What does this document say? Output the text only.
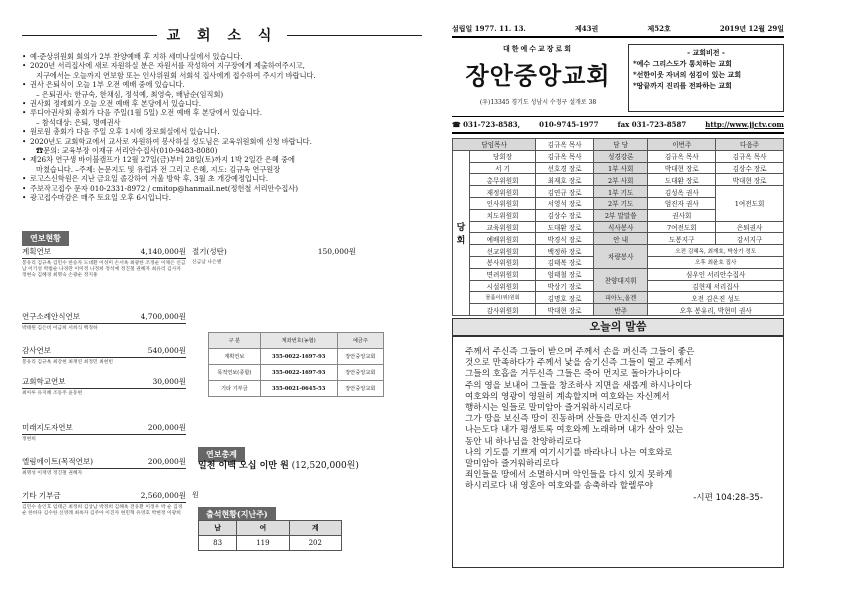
교 회 소 식
• 예·준상위원회 회의가 2부 찬양예배 후 지하 세미나실에서 있습니다.
• 2020년 서리집사에 새로 자원하실 분은 자원서를 작성하여 지구장에게 제출하여주시고,
지구에서는 오늘까지 연보함 또는 인사위원회 서회석 집사에게 접수하여 주시기 바랍니다.
• 권사 은퇴식이 오늘 1부 오전 예배 중에 있습니다.
– 은퇴권사: 한규숙, 한채심, 정석예, 최영숙, 배남순(임직회)
• 권사회 정례회가 오늘 오전 예배 후 본당에서 있습니다.
• 루디아권사회 총회가 다음 주일(1월 5일) 오전 예배 후 본당에서 있습니다.
– 참석대상: 은퇴, 명예권사
• 원로원 총회가 다음 주일 오후 1시에 장로회실에서 있습니다.
• 2020년도 교회학교에서 교사로 자원하여 봉사하실 성도님은 교육위원회에 신청 바랍니다.
☎문의: 교육부장 이재규 서리안수집사(010-9483-8080)
• 제26차 연구생 바이블캠프가 12월 27일(금)부터 28일(토)까지 1박 2일간 은혜 중에
마쳤습니다. –주제: 논문지도 및 유럽과 전 그리고 은혜, 지도: 김규옥 연구원장
• 로고스신학원은 지난 금요일 졸강하여 겨울 방학 후, 3월 초 개강예정입니다.
• 주보작고접수 문자 010-2331-8972 / cmitop@hanmail.net(정헌철 서리안수집사)
• 광고접수마감은 매주 토요일 오후 6시입니다.
연보현황
계획연보	4,140,000원
봉유리 김규옥 김민수 한승자 도대환 이성미 손서옥 최광한 조정순 이채은 신금남 이기성 박범순 나경란 이미정 나정희 정석예 정진철 권혜자 최유리 김사자 정현숙 김혜경 최명숙 손광순 정지홍
절기(성탄)	150,000원
신금남 나은별
연구소례안식연보	4,700,000원
박태원 김은비 이금희 서희식 백정하
감사연보	540,000원
봉유리 김규옥 최강현 최재연 최정민 최현빈
교회학교연보	30,000원
최아루 유지혜 조동주 윤동현
미래지도자연보	200,000원
정현희
엘림에이트(목적연보)	200,000원
최명성 이재영 정진철 권혜자
기타 기부금	2,560,000원
김민수 송인호 임태근 최정희 김상남 박정희 김혜옥 전유환 이정우 박 순 김경순 한바다 김수한 신영례 최옥자 김주아 이진자 현민혁 유영호 박현정 이광희
원
구 분	계좌번호(농협)	예금주
계획연보	355-0022-1697-93	장안중앙교회
목적연보(종합)	355-0022-1697-93	장안중앙교회
기타 기부금	355-0021-0645-53	장안중앙교회
연보총계
일천 이백 오십 이만 원 (12,520,000원)
출석현황(지난주)
남	여	계
83	119	202
설립일 1977. 11. 13.	제43권	제52호	2019년 12월 29일
대한예수교장로회
장안중앙교회
(우)13345 경기도 성남시 수정구 설개로 38
- 교회비전 -
*예수 그리스도가 통치하는 교회
*선한이웃 자녀의 섬김이 있는 교회
*땅끝까지 진리를 전파하는 교회
☎ 031-723-8583,	010-9745-1977	fax 031-723-8587	http://www.jjctv.com
담임목사		김규옥 목사	담 당	이번주	다음주
당 회	당회장	김규옥 목사	성경강론	김규옥 목사	김규옥 목사
	서 기	선호경 장로	1부 사회	박대현 장로	김상수 장로
	총무위원회	최재호 장로	2부 사회	도대환 장로	박대현 장로
	재정위원회	김연규 장로	1부 기도	김성옥 권사	1여전도회
	인사위원회	서영석 장로	2부 기도	엄진자 권사	
	치도위원회	김상수 장로	2부 말말씀	권사회	
	교육위원회	도대환 장로	식사봉사	7여전도회	은퇴권사
	예배위원회	박경식 장로	안 내	도봉지구	강서지구
	선교위원회	백정하 장로	차량봉사	오전 김혜옥, 최재호, 박상기 정도	
	봉사위원회	김태복 장로		오후 최윤호 집사	
	면려위원회	엄태철 장로	찬양대지휘	심우인 서리안수집사	
	시설위원회	박상기 장로		김현재 서리집사	
	물품이(위)원회	김명호 장로	피아노,올겐	오전 김은진 성도	
	감사위원회	박대현 장로	반주	오후 봉유리, 박현미 권사	
오늘의 말씀
주께서 주신즉 그들이 받으며 주께서 손을 펴신즉 그들이 좋은
것으로 만족하다가 주께서 낯을 숨기신즉 그들이 떨고 주께서
그들의 호흡을 거두신즉 그들은 죽어 먼지로 돌아가나이다
주의 영을 보내어 그들을 창조하사 지면을 새롭게 하시나이다
여호와의 영광이 영원히 계속할지며 여호와는 자신께서
행하시는 일들로 말미암아 즐거워하시리로다
그가 땅을 보신즉 땅이 진동하며 산들을 만지신즉 연기가
나는도다 내가 평생토록 여호와께 노래하며 내가 살아 있는
동안 내 하나님을 찬양하리로다
나의 기도를 기쁘게 여기시기를 바라나니 나는 여호와로
말미암아 즐거워하리로다
죄인들을 땅에서 소멸하시며 악인들을 다시 있지 못하게
하시리로다 내 영혼아 여호와를 송축하라 할렐루야
-시편 104:28-35-
